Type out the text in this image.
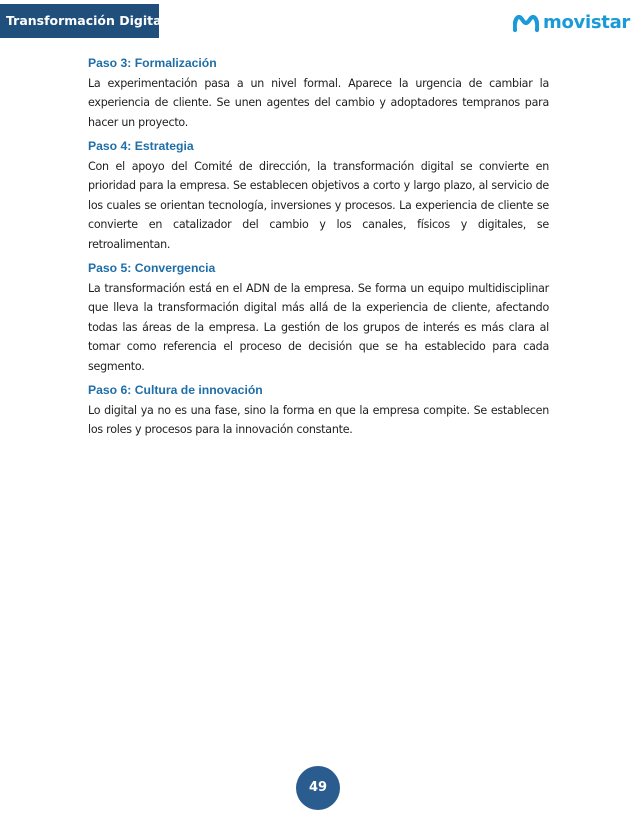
Transformación Digital	movistar

Paso 3: Formalización

La experimentación pasa a un nivel formal. Aparece la urgencia de cambiar la experiencia de cliente. Se unen agentes del cambio y adoptadores tempranos para hacer un proyecto.

Paso 4: Estrategia

Con el apoyo del Comité de dirección, la transformación digital se convierte en prioridad para la empresa. Se establecen objetivos a corto y largo plazo, al servicio de los cuales se orientan tecnología, inversiones y procesos. La experiencia de cliente se convierte en catalizador del cambio y los canales, físicos y digitales, se retroalimentan.

Paso 5: Convergencia

La transformación está en el ADN de la empresa. Se forma un equipo multidisciplinar que lleva la transformación digital más allá de la experiencia de cliente, afectando todas las áreas de la empresa. La gestión de los grupos de interés es más clara al tomar como referencia el proceso de decisión que se ha establecido para cada segmento.

Paso 6: Cultura de innovación

Lo digital ya no es una fase, sino la forma en que la empresa compite. Se establecen los roles y procesos para la innovación constante.

49
